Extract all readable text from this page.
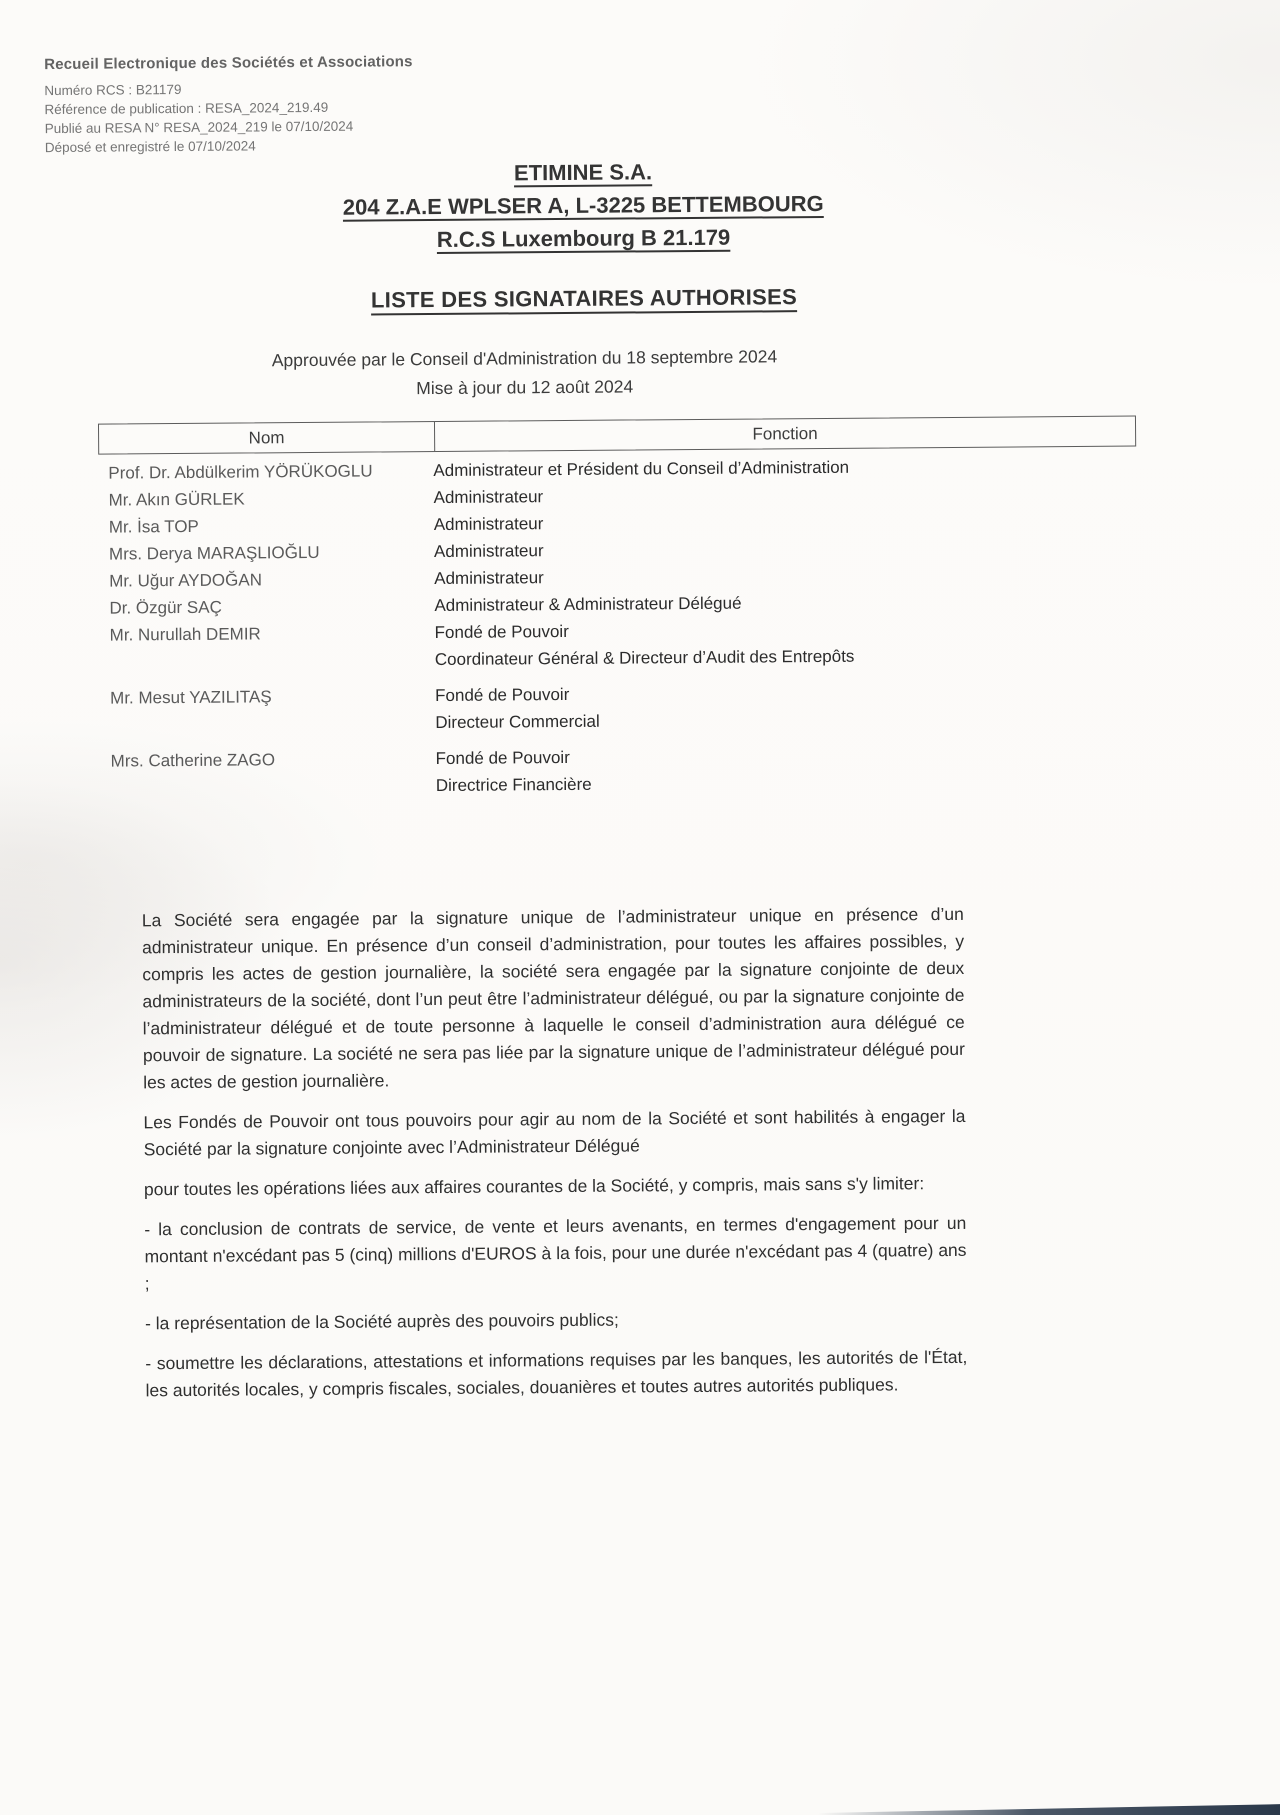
Recueil Electronique des Sociétés et Associations
Numéro RCS : B21179
Référence de publication : RESA_2024_219.49
Publié au RESA N° RESA_2024_219 le 07/10/2024
Déposé et enregistré le 07/10/2024
ETIMINE S.A.
204 Z.A.E WPLSER A, L-3225 BETTEMBOURG
R.C.S Luxembourg B 21.179
LISTE DES SIGNATAIRES AUTHORISES
Approuvée par le Conseil d'Administration du 18 septembre 2024
Mise à jour du 12 août 2024
Nom	Fonction
Prof. Dr. Abdülkerim YÖRÜKOGLU	Administrateur et Président du Conseil d’Administration
Mr. Akın GÜRLEK	Administrateur
Mr. İsa TOP	Administrateur
Mrs. Derya MARAŞLIOĞLU	Administrateur
Mr. Uğur AYDOĞAN	Administrateur
Dr. Özgür SAÇ	Administrateur & Administrateur Délégué
Mr. Nurullah DEMIR	Fondé de Pouvoir
Coordinateur Général & Directeur d’Audit des Entrepôts
Mr. Mesut YAZILITAŞ	Fondé de Pouvoir
Directeur Commercial
Mrs. Catherine ZAGO	Fondé de Pouvoir
Directrice Financière

La Société sera engagée par la signature unique de l’administrateur unique en présence d’un administrateur unique. En présence d’un conseil d’administration, pour toutes les affaires possibles, y compris les actes de gestion journalière, la société sera engagée par la signature conjointe de deux administrateurs de la société, dont l’un peut être l’administrateur délégué, ou par la signature conjointe de l’administrateur délégué et de toute personne à laquelle le conseil d’administration aura délégué ce pouvoir de signature. La société ne sera pas liée par la signature unique de l’administrateur délégué pour les actes de gestion journalière.

Les Fondés de Pouvoir ont tous pouvoirs pour agir au nom de la Société et sont habilités à engager la Société par la signature conjointe avec l’Administrateur Délégué

pour toutes les opérations liées aux affaires courantes de la Société, y compris, mais sans s'y limiter:

- la conclusion de contrats de service, de vente et leurs avenants, en termes d'engagement pour un montant n'excédant pas 5 (cinq) millions d'EUROS à la fois, pour une durée n'excédant pas 4 (quatre) ans ;

- la représentation de la Société auprès des pouvoirs publics;

- soumettre les déclarations, attestations et informations requises par les banques, les autorités de l'État, les autorités locales, y compris fiscales, sociales, douanières et toutes autres autorités publiques.
